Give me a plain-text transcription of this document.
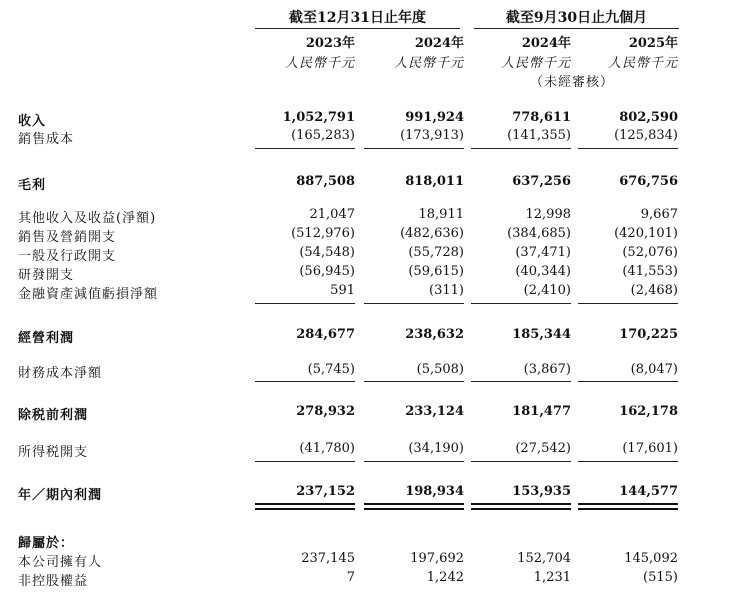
截至12月31日止年度	截至9月30日止九個月
2023年	2024年	2024年	2025年
人民幣千元	人民幣千元	人民幣千元	人民幣千元
（未經審核）
收入	1,052,791	991,924	778,611	802,590
銷售成本	(165,283)	(173,913)	(141,355)	(125,834)
毛利	887,508	818,011	637,256	676,756
其他收入及收益(淨額)	21,047	18,911	12,998	9,667
銷售及營銷開支	(512,976)	(482,636)	(384,685)	(420,101)
一般及行政開支	(54,548)	(55,728)	(37,471)	(52,076)
研發開支	(56,945)	(59,615)	(40,344)	(41,553)
金融資產減值虧損淨額	591	(311)	(2,410)	(2,468)
經營利潤	284,677	238,632	185,344	170,225
財務成本淨額	(5,745)	(5,508)	(3,867)	(8,047)
除税前利潤	278,932	233,124	181,477	162,178
所得税開支	(41,780)	(34,190)	(27,542)	(17,601)
年／期內利潤	237,152	198,934	153,935	144,577
歸屬於：
本公司擁有人	237,145	197,692	152,704	145,092
非控股權益	7	1,242	1,231	(515)
